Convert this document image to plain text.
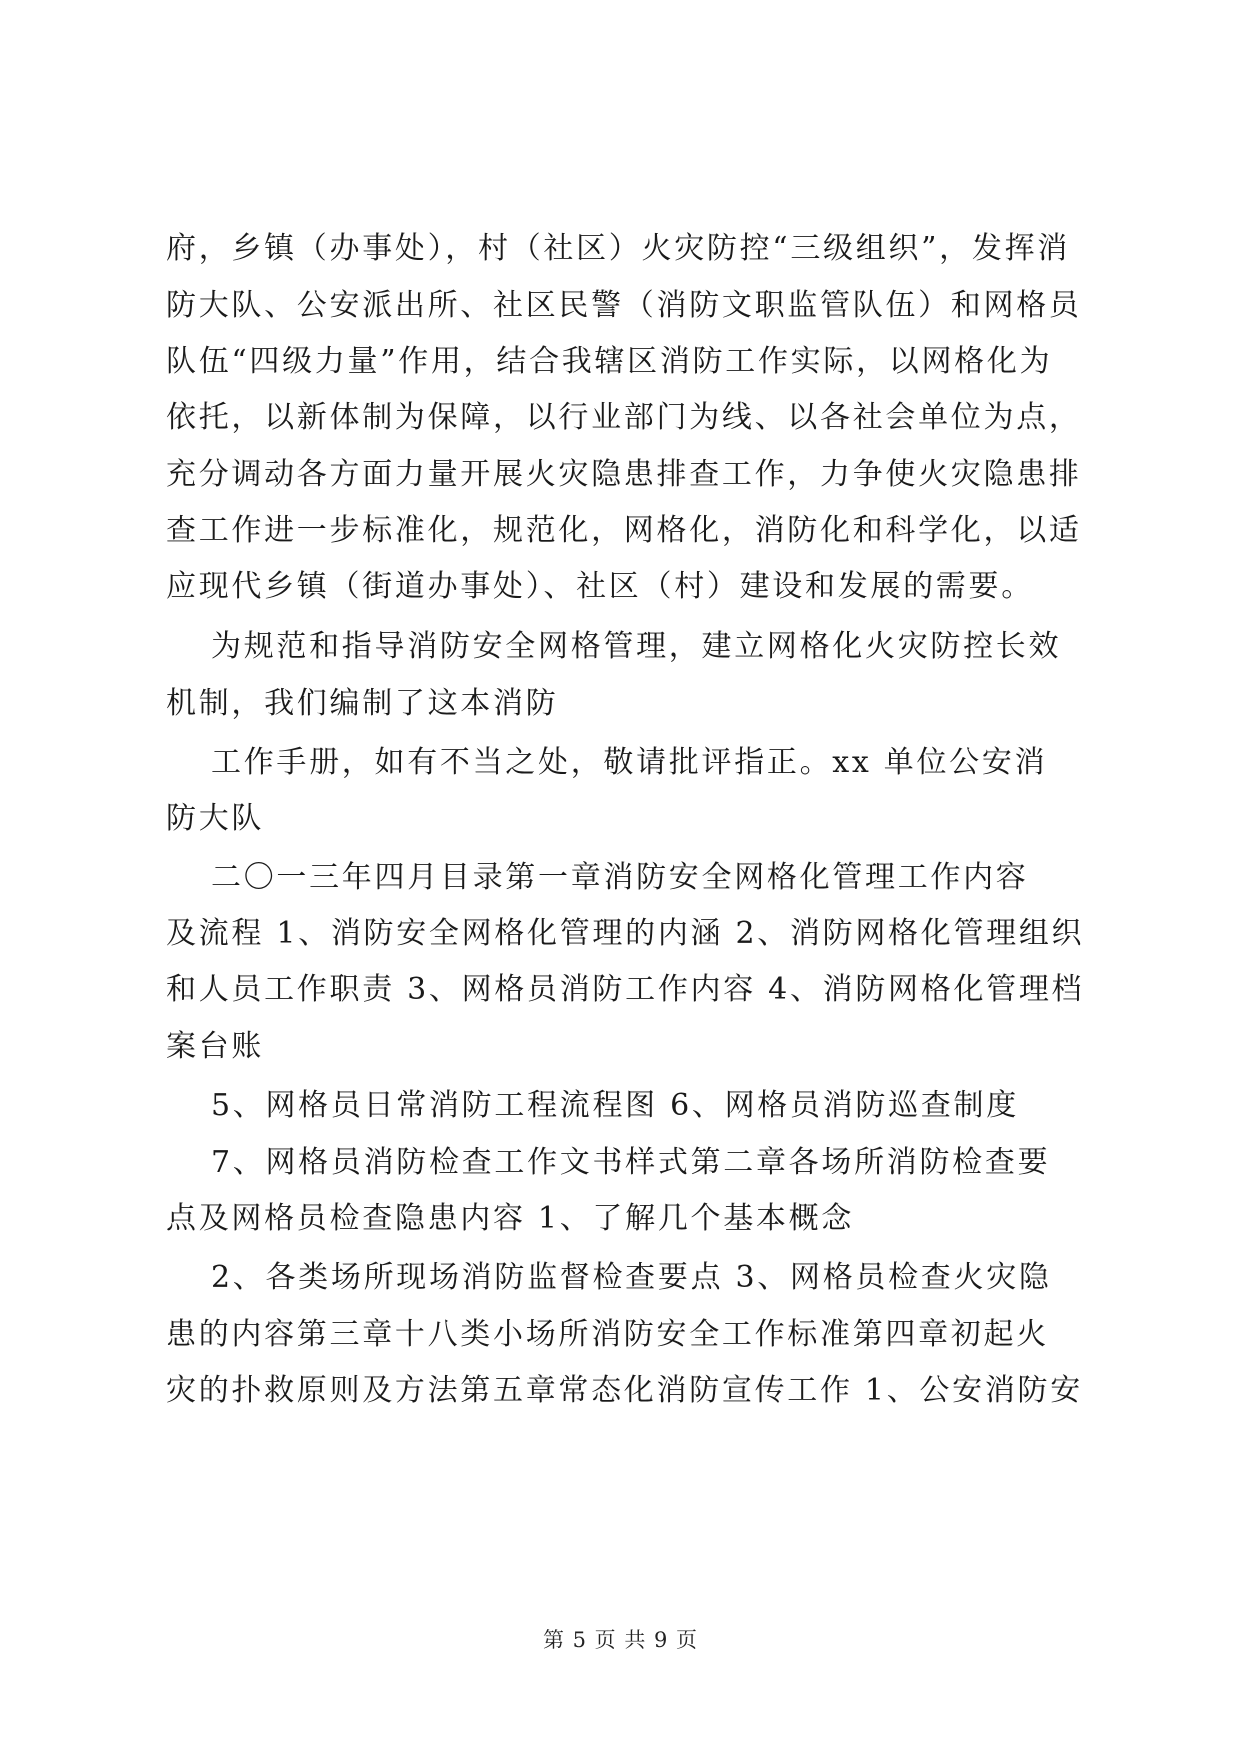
府，乡镇（办事处），村（社区）火灾防控“三级组织”，发挥消
防大队、公安派出所、社区民警（消防文职监管队伍）和网格员
队伍“四级力量”作用，结合我辖区消防工作实际，以网格化为
依托，以新体制为保障，以行业部门为线、以各社会单位为点，
充分调动各方面力量开展火灾隐患排查工作，力争使火灾隐患排
查工作进一步标准化，规范化，网格化，消防化和科学化，以适
应现代乡镇（街道办事处）、社区（村）建设和发展的需要。
为规范和指导消防安全网格管理，建立网格化火灾防控长效
机制，我们编制了这本消防
工作手册，如有不当之处，敬请批评指正。xx 单位公安消
防大队
二〇一三年四月目录第一章消防安全网格化管理工作内容
及流程 1、消防安全网格化管理的内涵 2、消防网格化管理组织
和人员工作职责 3、网格员消防工作内容 4、消防网格化管理档
案台账
5、网格员日常消防工程流程图 6、网格员消防巡查制度
7、网格员消防检查工作文书样式第二章各场所消防检查要
点及网格员检查隐患内容 1、了解几个基本概念
2、各类场所现场消防监督检查要点 3、网格员检查火灾隐
患的内容第三章十八类小场所消防安全工作标准第四章初起火
灾的扑救原则及方法第五章常态化消防宣传工作 1、公安消防安
第 5 页 共 9 页
